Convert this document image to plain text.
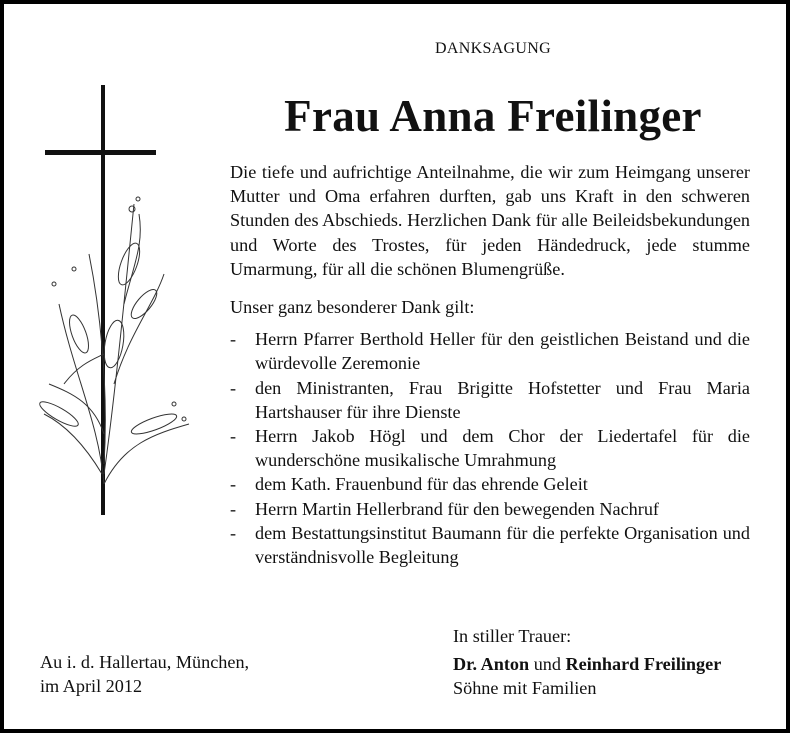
DANKSAGUNG
Frau Anna Freilinger

Die tiefe und aufrichtige Anteilnahme, die wir zum Heimgang unserer Mutter und Oma erfahren durften, gab uns Kraft in den schweren Stunden des Abschieds. Herzlichen Dank für alle Beileidsbekundungen und Worte des Trostes, für jeden Händedruck, jede stumme Umarmung, für all die schönen Blumengrüße.

Unser ganz besonderer Dank gilt:

- Herrn Pfarrer Berthold Heller für den geistlichen Beistand und die würdevolle Zeremonie
- den Ministranten, Frau Brigitte Hofstetter und Frau Maria Hartshauser für ihre Dienste
- Herrn Jakob Högl und dem Chor der Liedertafel für die wunderschöne musikalische Umrahmung
- dem Kath. Frauenbund für das ehrende Geleit
- Herrn Martin Hellerbrand für den bewegenden Nachruf
- dem Bestattungsinstitut Baumann für die perfekte Organisation und verständnisvolle Begleitung
Au i. d. Hallertau, München,
im April 2012
In stiller Trauer:
Dr. Anton und Reinhard Freilinger
Söhne mit Familien
